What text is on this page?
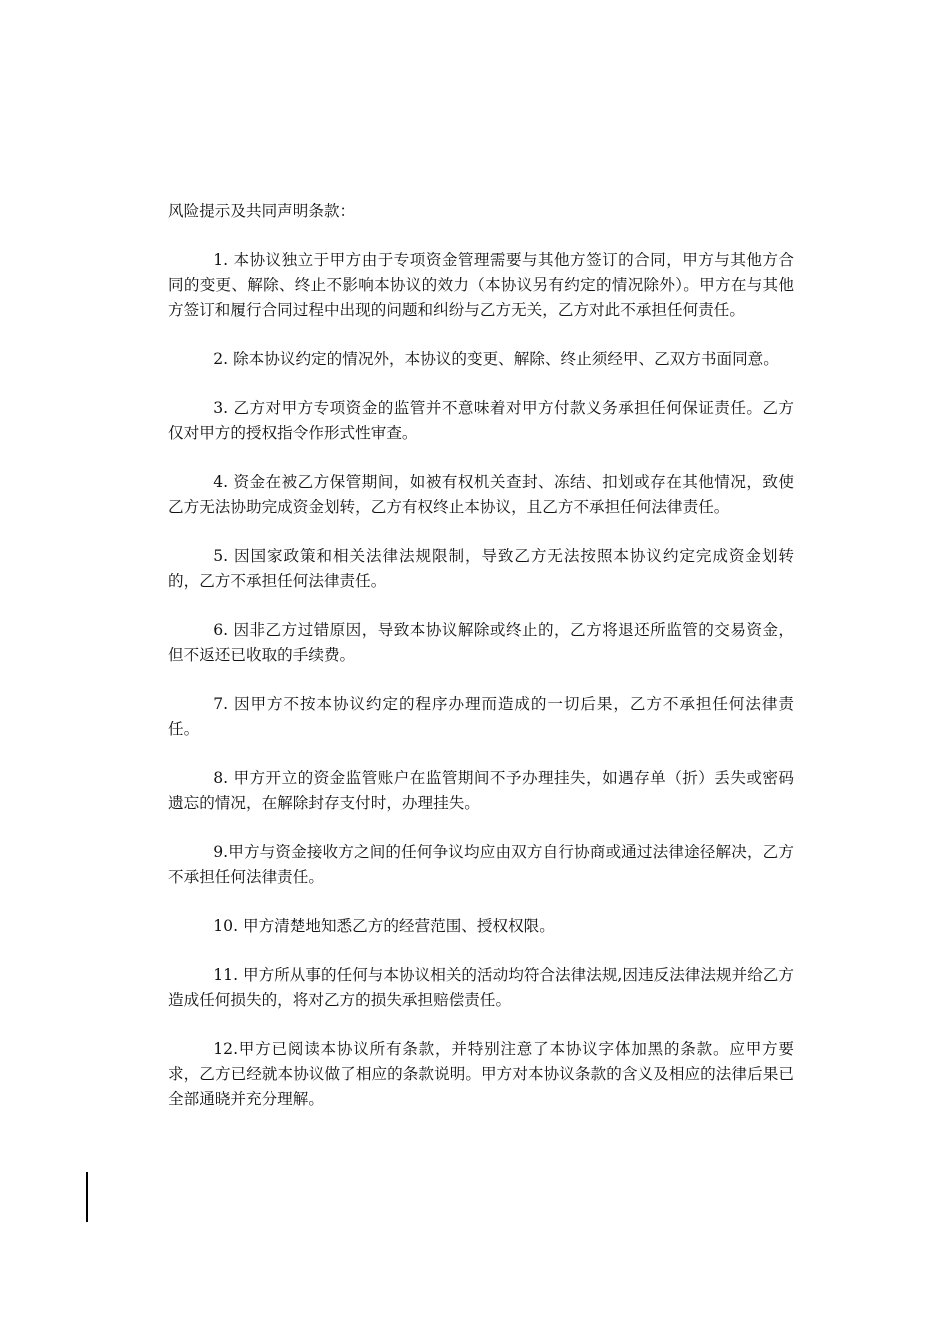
风险提示及共同声明条款：

1. 本协议独立于甲方由于专项资金管理需要与其他方签订的合同，甲方与其他方合同的变更、解除、终止不影响本协议的效力（本协议另有约定的情况除外）。甲方在与其他方签订和履行合同过程中出现的问题和纠纷与乙方无关，乙方对此不承担任何责任。

2. 除本协议约定的情况外，本协议的变更、解除、终止须经甲、乙双方书面同意。

3. 乙方对甲方专项资金的监管并不意味着对甲方付款义务承担任何保证责任。乙方仅对甲方的授权指令作形式性审查。

4. 资金在被乙方保管期间，如被有权机关查封、冻结、扣划或存在其他情况，致使乙方无法协助完成资金划转，乙方有权终止本协议，且乙方不承担任何法律责任。

5. 因国家政策和相关法律法规限制，导致乙方无法按照本协议约定完成资金划转的，乙方不承担任何法律责任。

6. 因非乙方过错原因，导致本协议解除或终止的，乙方将退还所监管的交易资金，但不返还已收取的手续费。

7. 因甲方不按本协议约定的程序办理而造成的一切后果，乙方不承担任何法律责任。

8. 甲方开立的资金监管账户在监管期间不予办理挂失，如遇存单（折）丢失或密码遗忘的情况，在解除封存支付时，办理挂失。

9.甲方与资金接收方之间的任何争议均应由双方自行协商或通过法律途径解决，乙方不承担任何法律责任。

10. 甲方清楚地知悉乙方的经营范围、授权权限。

11. 甲方所从事的任何与本协议相关的活动均符合法律法规,因违反法律法规并给乙方造成任何损失的，将对乙方的损失承担赔偿责任。

12.甲方已阅读本协议所有条款，并特别注意了本协议字体加黑的条款。应甲方要求，乙方已经就本协议做了相应的条款说明。甲方对本协议条款的含义及相应的法律后果已全部通晓并充分理解。
